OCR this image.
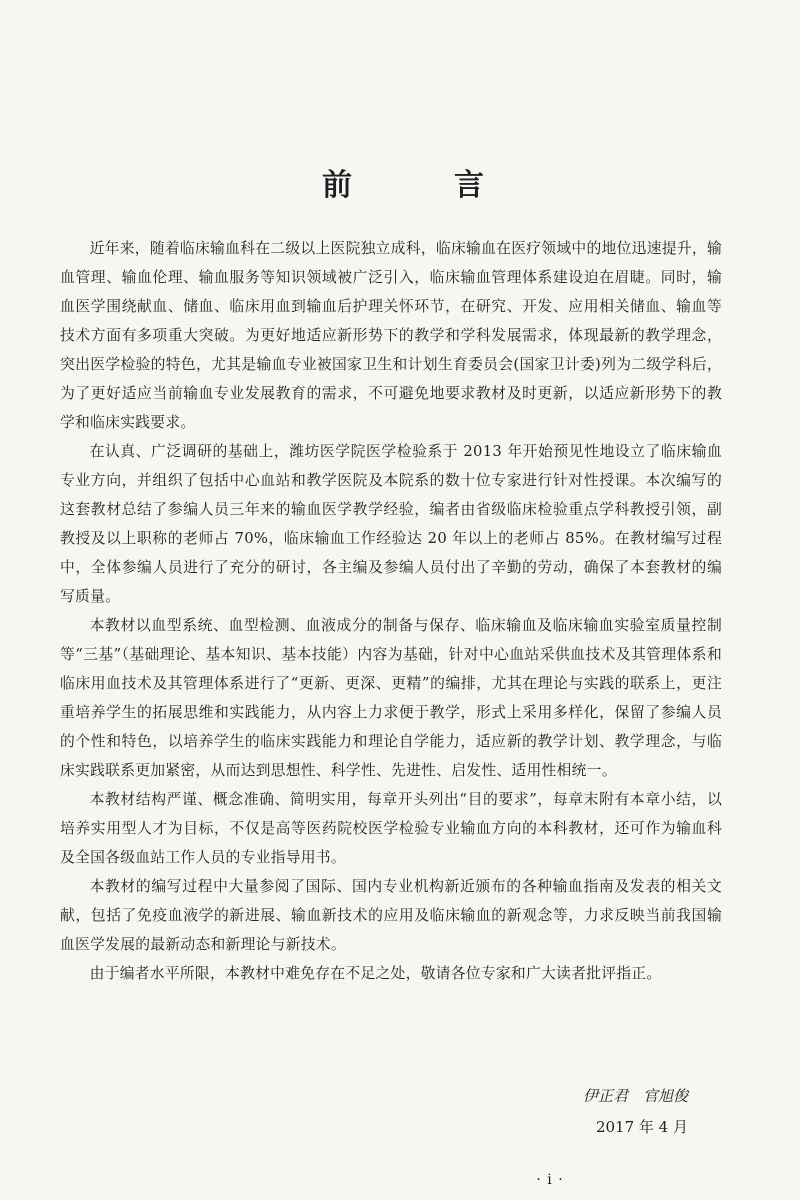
前　言

近年来，随着临床输血科在二级以上医院独立成科，临床输血在医疗领域中的地位迅速提升，输血管理、输血伦理、输血服务等知识领域被广泛引入，临床输血管理体系建设迫在眉睫。同时，输血医学围绕献血、储血、临床用血到输血后护理关怀环节，在研究、开发、应用相关储血、输血等技术方面有多项重大突破。为更好地适应新形势下的教学和学科发展需求，体现最新的教学理念，突出医学检验的特色，尤其是输血专业被国家卫生和计划生育委员会(国家卫计委)列为二级学科后，为了更好适应当前输血专业发展教育的需求，不可避免地要求教材及时更新，以适应新形势下的教学和临床实践要求。

在认真、广泛调研的基础上，潍坊医学院医学检验系于 2013 年开始预见性地设立了临床输血专业方向，并组织了包括中心血站和教学医院及本院系的数十位专家进行针对性授课。本次编写的这套教材总结了参编人员三年来的输血医学教学经验，编者由省级临床检验重点学科教授引领，副教授及以上职称的老师占 70%，临床输血工作经验达 20 年以上的老师占 85%。在教材编写过程中，全体参编人员进行了充分的研讨，各主编及参编人员付出了辛勤的劳动，确保了本套教材的编写质量。

本教材以血型系统、血型检测、血液成分的制备与保存、临床输血及临床输血实验室质量控制等“三基”（基础理论、基本知识、基本技能）内容为基础，针对中心血站采供血技术及其管理体系和临床用血技术及其管理体系进行了“更新、更深、更精”的编排，尤其在理论与实践的联系上，更注重培养学生的拓展思维和实践能力，从内容上力求便于教学，形式上采用多样化，保留了参编人员的个性和特色，以培养学生的临床实践能力和理论自学能力，适应新的教学计划、教学理念，与临床实践联系更加紧密，从而达到思想性、科学性、先进性、启发性、适用性相统一。

本教材结构严谨、概念准确、简明实用，每章开头列出“目的要求”，每章末附有本章小结，以培养实用型人才为目标，不仅是高等医药院校医学检验专业输血方向的本科教材，还可作为输血科及全国各级血站工作人员的专业指导用书。

本教材的编写过程中大量参阅了国际、国内专业机构新近颁布的各种输血指南及发表的相关文献，包括了免疫血液学的新进展、输血新技术的应用及临床输血的新观念等，力求反映当前我国输血医学发展的最新动态和新理论与新技术。

由于编者水平所限，本教材中难免存在不足之处，敬请各位专家和广大读者批评指正。

伊正君　官旭俊
2017 年 4 月
· i ·
